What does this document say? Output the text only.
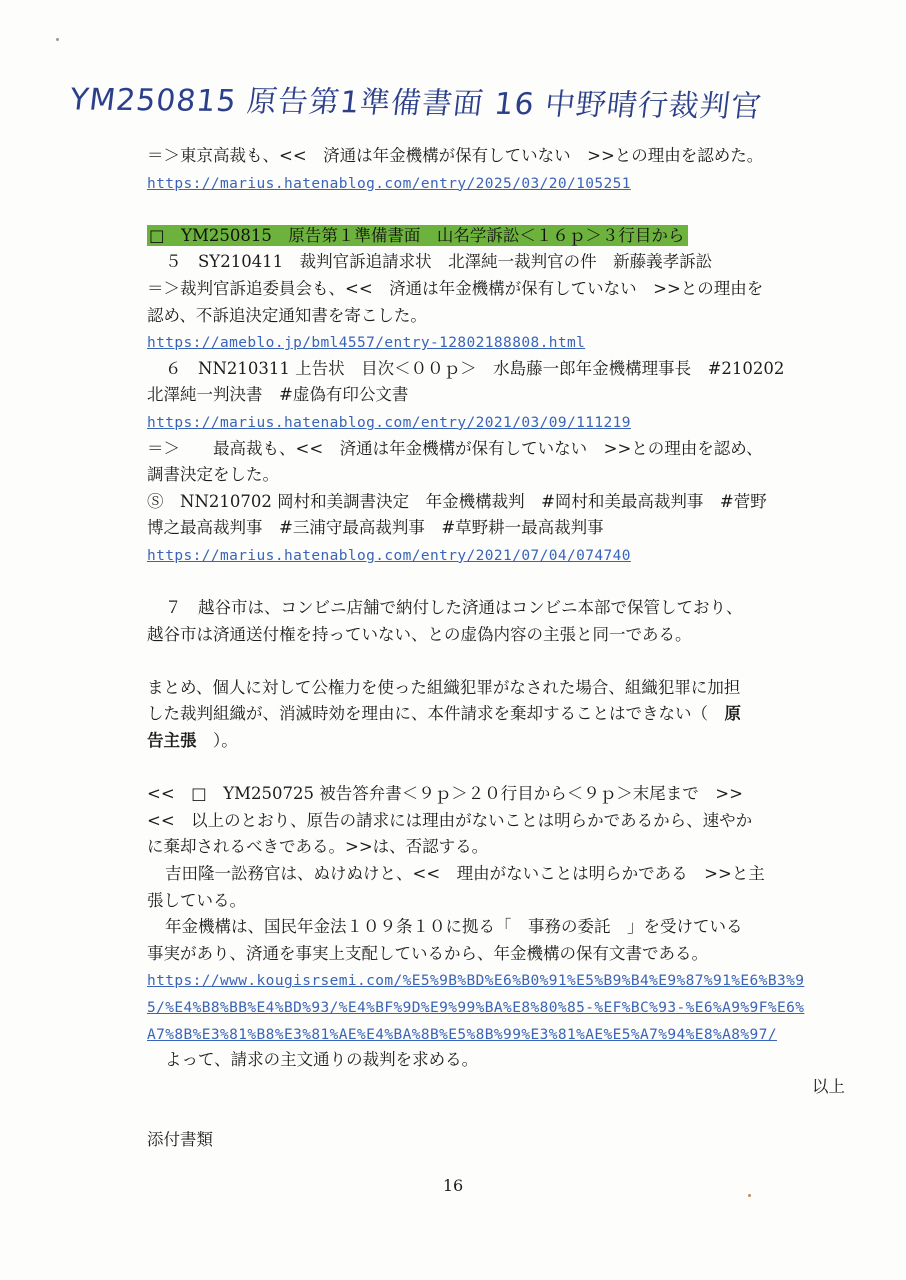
YM250815 原告第1準備書面 16 中野晴行裁判官
＝＞東京高裁も、<<　済通は年金機構が保有していない　>>との理由を認めた。
https://marius.hatenablog.com/entry/2025/03/20/105251
□　YM250815　原告第１準備書面　山名学訴訟＜１６ｐ＞３行目から
５　SY210411　裁判官訴追請求状　北澤純一裁判官の件　新藤義孝訴訟
＝＞裁判官訴追委員会も、<<　済通は年金機構が保有していない　>>との理由を
認め、不訴追決定通知書を寄こした。
https://ameblo.jp/bml4557/entry-12802188808.html
６　NN210311 上告状　目次＜００ｐ＞　水島藤一郎年金機構理事長　#210202
北澤純一判決書　#虚偽有印公文書
https://marius.hatenablog.com/entry/2021/03/09/111219
＝＞　　最高裁も、<<　済通は年金機構が保有していない　>>との理由を認め、
調書決定をした。
Ⓢ　NN210702 岡村和美調書決定　年金機構裁判　#岡村和美最高裁判事　#菅野
博之最高裁判事　#三浦守最高裁判事　#草野耕一最高裁判事
https://marius.hatenablog.com/entry/2021/07/04/074740
７　越谷市は、コンビニ店舗で納付した済通はコンビニ本部で保管しており、
越谷市は済通送付権を持っていない、との虚偽内容の主張と同一である。
まとめ、個人に対して公権力を使った組織犯罪がなされた場合、組織犯罪に加担
した裁判組織が、消滅時効を理由に、本件請求を棄却することはできない（　原
告主張　）。
<<　□　YM250725 被告答弁書＜９ｐ＞２０行目から＜９ｐ＞末尾まで　>>
<<　以上のとおり、原告の請求には理由がないことは明らかであるから、速やか
に棄却されるべきである。>>は、否認する。
吉田隆一訟務官は、ぬけぬけと、<<　理由がないことは明らかである　>>と主
張している。
年金機構は、国民年金法１０９条１０に拠る「　事務の委託　」を受けている
事実があり、済通を事実上支配しているから、年金機構の保有文書である。
https://www.kougisrsemi.com/%E5%9B%BD%E6%B0%91%E5%B9%B4%E9%87%91%E6%B3%9
5/%E4%B8%BB%E4%BD%93/%E4%BF%9D%E9%99%BA%E8%80%85-%EF%BC%93-%E6%A9%9F%E6%
A7%8B%E3%81%B8%E3%81%AE%E4%BA%8B%E5%8B%99%E3%81%AE%E5%A7%94%E8%A8%97/
よって、請求の主文通りの裁判を求める。
以上
添付書類
16
